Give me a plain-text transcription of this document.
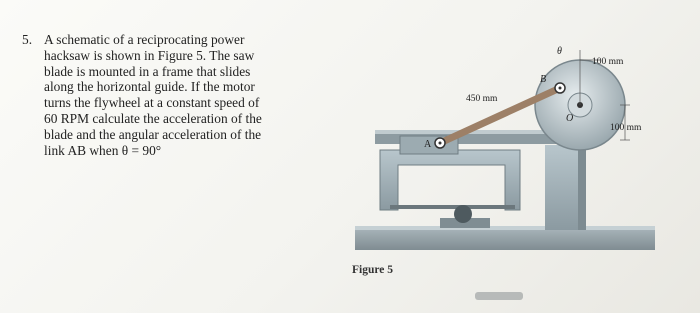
5. A schematic of a reciprocating power
hacksaw is shown in Figure 5. The saw
blade is mounted in a frame that slides
along the horizontal guide. If the motor
turns the flywheel at a constant speed of
60 RPM calculate the acceleration of the
blade and the angular acceleration of the
link AB when θ = 90°
θ
100 mm
450 mm
100 mm
A
B
O
Figure 5
